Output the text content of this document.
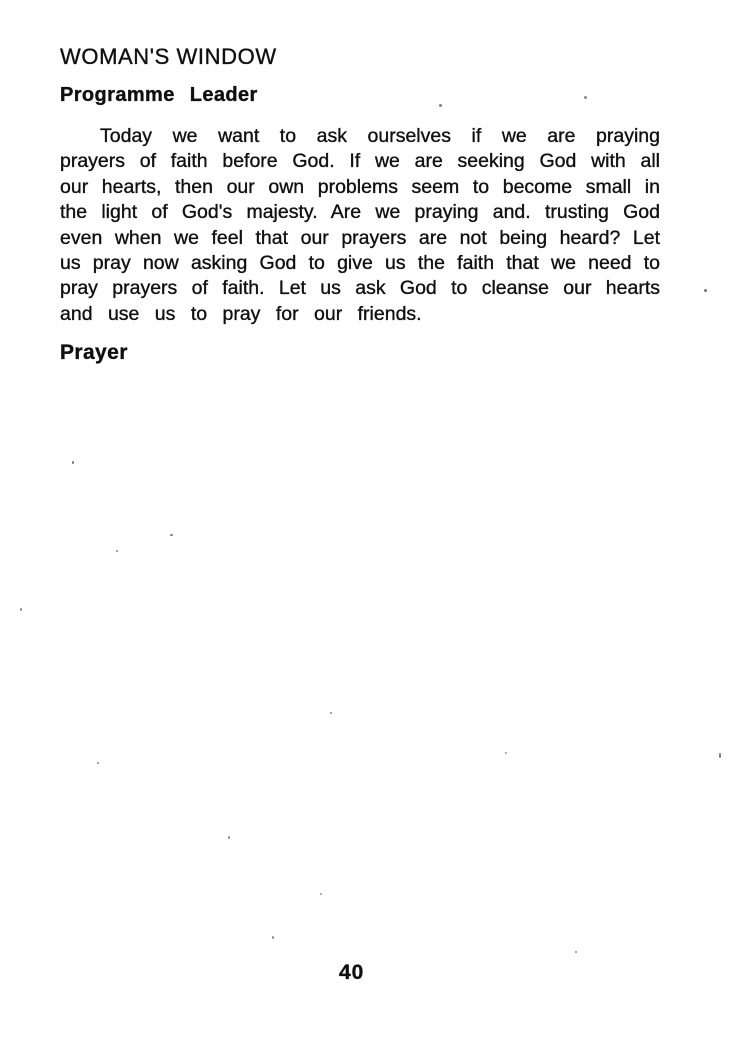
WOMAN'S WINDOW
Programme Leader
Today we want to ask ourselves if we are praying
prayers of faith before God. If we are seeking God with all
our hearts, then our own problems seem to become small in
the light of God's majesty. Are we praying and. trusting God
even when we feel that our prayers are not being heard? Let
us pray now asking God to give us the faith that we need to
pray prayers of faith. Let us ask God to cleanse our hearts
and use us to pray for our friends.
Prayer
40
